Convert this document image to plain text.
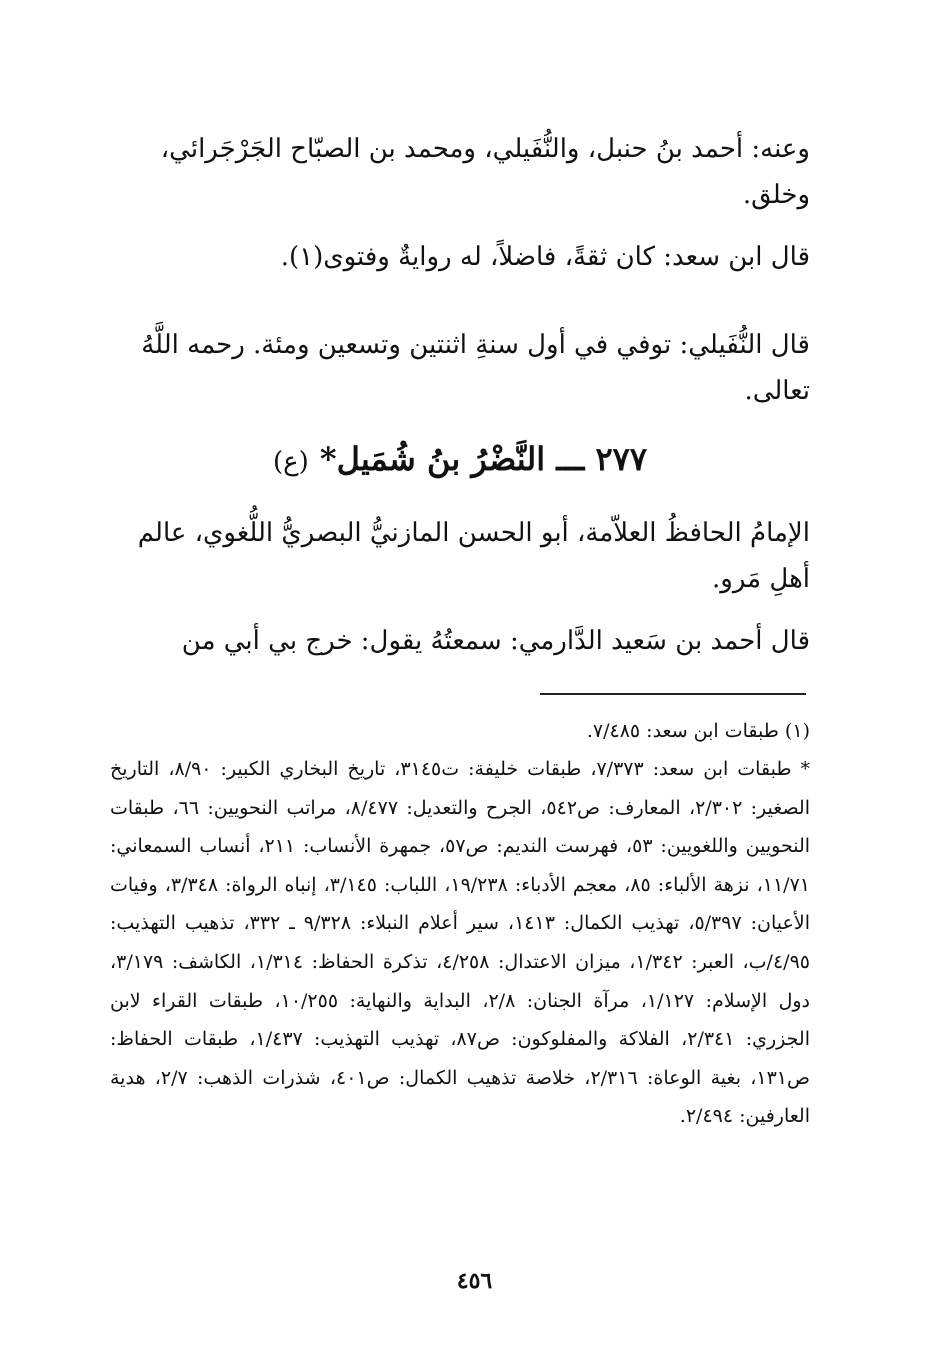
وعنه: أحمد بنُ حنبل، والنُّفَيلي، ومحمد بن الصبّاح الجَرْجَرائي، وخلق.
قال ابن سعد: كان ثقةً، فاضلاً، له روايةٌ وفتوى(١).
قال النُّفَيلي: توفي في أول سنةِ اثنتين وتسعين ومئة. رحمه اللَّهُ تعالى.
٢٧٧ ـــ النَّضْرُ بنُ شُمَيل* (ع)
الإمامُ الحافظُ العلاّمة، أبو الحسن المازنيُّ البصريُّ اللُّغوي، عالم أهلِ مَرو.
قال أحمد بن سَعيد الدَّارمي: سمعتُهُ يقول: خرج بي أبي من
(١) طبقات ابن سعد: ٧/٤٨٥.
* طبقات ابن سعد: ٧/٣٧٣، طبقات خليفة: ت٣١٤٥، تاريخ البخاري الكبير: ٨/٩٠، التاريخ الصغير: ٢/٣٠٢، المعارف: ص٥٤٢، الجرح والتعديل: ٨/٤٧٧، مراتب النحويين: ٦٦، طبقات النحويين واللغويين: ٥٣، فهرست النديم: ص٥٧، جمهرة الأنساب: ٢١١، أنساب السمعاني: ١١/٧١، نزهة الألباء: ٨٥، معجم الأدباء: ١٩/٢٣٨، اللباب: ٣/١٤٥، إنباه الرواة: ٣/٣٤٨، وفيات الأعيان: ٥/٣٩٧، تهذيب الكمال: ١٤١٣، سير أعلام النبلاء: ٩/٣٢٨ ـ ٣٣٢، تذهيب التهذيب: ٤/٩٥/ب، العبر: ١/٣٤٢، ميزان الاعتدال: ٤/٢٥٨، تذكرة الحفاظ: ١/٣١٤، الكاشف: ٣/١٧٩، دول الإسلام: ١/١٢٧، مرآة الجنان: ٢/٨، البداية والنهاية: ١٠/٢٥٥، طبقات القراء لابن الجزري: ٢/٣٤١، الفلاكة والمفلوكون: ص٨٧، تهذيب التهذيب: ١/٤٣٧، طبقات الحفاظ: ص١٣١، بغية الوعاة: ٢/٣١٦، خلاصة تذهيب الكمال: ص٤٠١، شذرات الذهب: ٢/٧، هدية العارفين: ٢/٤٩٤.
٤٥٦
